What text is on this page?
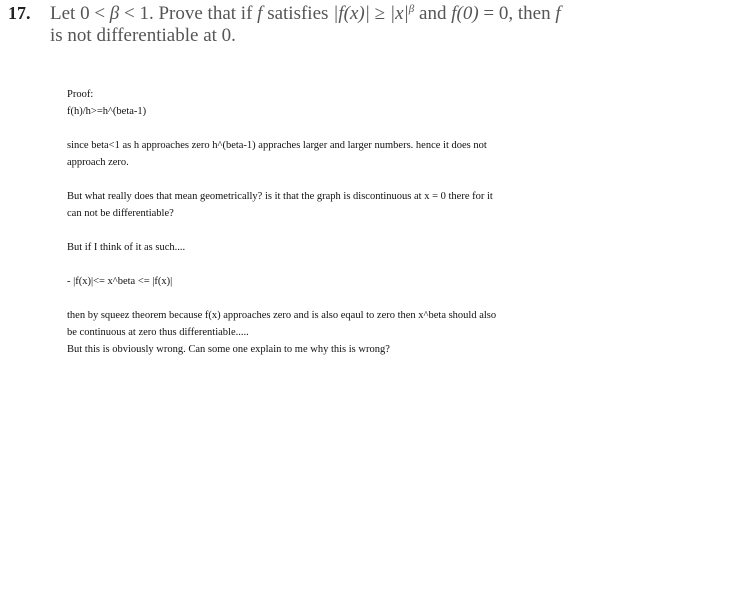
17. Let 0 < β < 1. Prove that if f satisfies $|f(x)| \ge |x|^\beta$ and f(0) = 0, then f
is not differentiable at 0.

Proof:

f(h)/h>=h^(beta-1)

since beta<1 as h approaches zero h^(beta-1) appraches larger and larger numbers. hence it does not

approach zero.

But what really does that mean geometrically? is it that the graph is discontinuous at x = 0 there for it

can not be differentiable?

But if I think of it as such....

- |f(x)|<= x^beta <= |f(x)|

then by squeez theorem because f(x) approaches zero and is also eqaul to zero then x^beta should also

be continuous at zero thus differentiable.....

But this is obviously wrong. Can some one explain to me why this is wrong?
